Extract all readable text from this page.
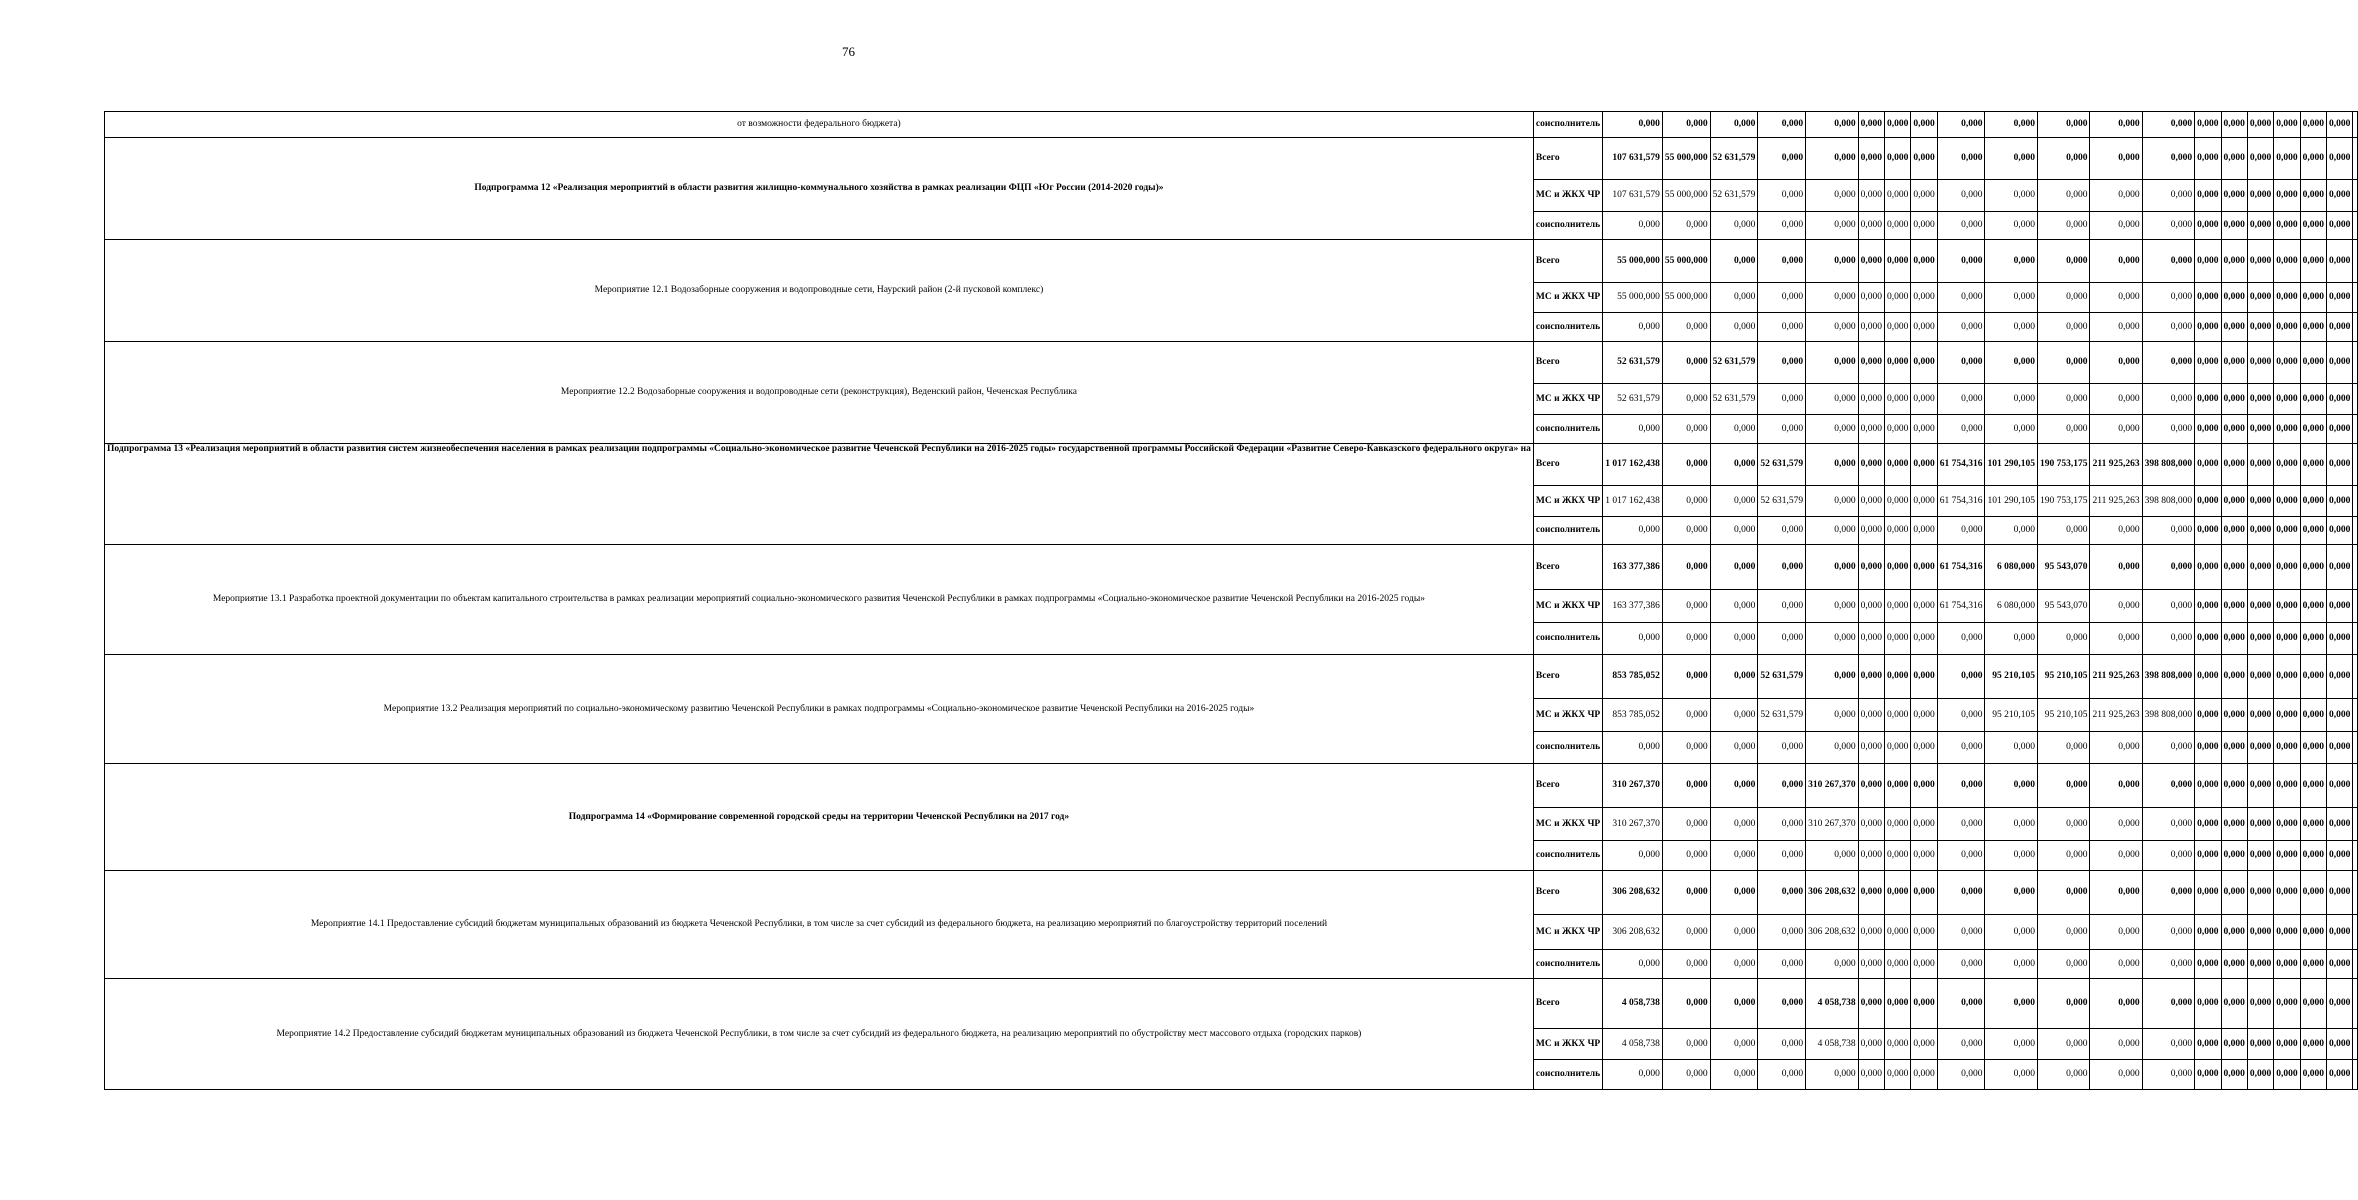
76
от возможности федерального бюджета)	соисполнитель	0,000	0,000	0,000	0,000	0,000	0,000	0,000	0,000	0,000	0,000	0,000	0,000	0,000	0,000	0,000	0,000	0,000	0,000	0,000	
Подпрограмма 12 «Реализация мероприятий в области развития жилищно-коммунального хозяйства в рамках реализации ФЦП «Юг России (2014-2020 годы)»	Всего	107 631,579	55 000,000	52 631,579	0,000	0,000	0,000	0,000	0,000	0,000	0,000	0,000	0,000	0,000	0,000	0,000	0,000	0,000	0,000	0,000	
	МС и ЖКХ ЧР	107 631,579	55 000,000	52 631,579	0,000	0,000	0,000	0,000	0,000	0,000	0,000	0,000	0,000	0,000	0,000	0,000	0,000	0,000	0,000	0,000	
	соисполнитель	0,000	0,000	0,000	0,000	0,000	0,000	0,000	0,000	0,000	0,000	0,000	0,000	0,000	0,000	0,000	0,000	0,000	0,000	0,000	
Мероприятие 12.1 Водозаборные сооружения и водопроводные сети, Наурский район (2-й пусковой комплекс)	Всего	55 000,000	55 000,000	0,000	0,000	0,000	0,000	0,000	0,000	0,000	0,000	0,000	0,000	0,000	0,000	0,000	0,000	0,000	0,000	0,000	
	МС и ЖКХ ЧР	55 000,000	55 000,000	0,000	0,000	0,000	0,000	0,000	0,000	0,000	0,000	0,000	0,000	0,000	0,000	0,000	0,000	0,000	0,000	0,000	
	соисполнитель	0,000	0,000	0,000	0,000	0,000	0,000	0,000	0,000	0,000	0,000	0,000	0,000	0,000	0,000	0,000	0,000	0,000	0,000	0,000	
Мероприятие 12.2 Водозаборные сооружения и водопроводные сети (реконструкция), Веденский район, Чеченская Республика	Всего	52 631,579	0,000	52 631,579	0,000	0,000	0,000	0,000	0,000	0,000	0,000	0,000	0,000	0,000	0,000	0,000	0,000	0,000	0,000	0,000	
	МС и ЖКХ ЧР	52 631,579	0,000	52 631,579	0,000	0,000	0,000	0,000	0,000	0,000	0,000	0,000	0,000	0,000	0,000	0,000	0,000	0,000	0,000	0,000	
	соисполнитель	0,000	0,000	0,000	0,000	0,000	0,000	0,000	0,000	0,000	0,000	0,000	0,000	0,000	0,000	0,000	0,000	0,000	0,000	0,000	

Подпрограмма 13 «Реализация мероприятий в области развития систем жизнеобеспечения населения в рамках реализации подпрограммы «Социально-экономическое развитие Чеченской Республики на 2016-2025 годы» государственной программы Российской Федерации «Развитие Северо-Кавказского федерального округа» на	Всего	1 017 162,438	0,000	0,000	52 631,579	0,000	0,000	0,000	0,000	61 754,316	101 290,105	190 753,175	211 925,263	398 808,000	0,000	0,000	0,000	0,000	0,000	0,000	
	МС и ЖКХ ЧР	1 017 162,438	0,000	0,000	52 631,579	0,000	0,000	0,000	0,000	61 754,316	101 290,105	190 753,175	211 925,263	398 808,000	0,000	0,000	0,000	0,000	0,000	0,000	
	соисполнитель	0,000	0,000	0,000	0,000	0,000	0,000	0,000	0,000	0,000	0,000	0,000	0,000	0,000	0,000	0,000	0,000	0,000	0,000	0,000	
Мероприятие 13.1 Разработка проектной документации по объектам капитального строительства в рамках реализации мероприятий социально-экономического развития Чеченской Республики в рамках подпрограммы «Социально-экономическое развитие Чеченской Республики на 2016-2025 годы»	Всего	163 377,386	0,000	0,000	0,000	0,000	0,000	0,000	0,000	61 754,316	6 080,000	95 543,070	0,000	0,000	0,000	0,000	0,000	0,000	0,000	0,000	
	МС и ЖКХ ЧР	163 377,386	0,000	0,000	0,000	0,000	0,000	0,000	0,000	61 754,316	6 080,000	95 543,070	0,000	0,000	0,000	0,000	0,000	0,000	0,000	0,000	
	соисполнитель	0,000	0,000	0,000	0,000	0,000	0,000	0,000	0,000	0,000	0,000	0,000	0,000	0,000	0,000	0,000	0,000	0,000	0,000	0,000	
Мероприятие 13.2 Реализация мероприятий по социально-экономическому развитию Чеченской Республики в рамках подпрограммы «Социально-экономическое развитие Чеченской Республики на 2016-2025 годы»	Всего	853 785,052	0,000	0,000	52 631,579	0,000	0,000	0,000	0,000	0,000	95 210,105	95 210,105	211 925,263	398 808,000	0,000	0,000	0,000	0,000	0,000	0,000	
	МС и ЖКХ ЧР	853 785,052	0,000	0,000	52 631,579	0,000	0,000	0,000	0,000	0,000	95 210,105	95 210,105	211 925,263	398 808,000	0,000	0,000	0,000	0,000	0,000	0,000	
	соисполнитель	0,000	0,000	0,000	0,000	0,000	0,000	0,000	0,000	0,000	0,000	0,000	0,000	0,000	0,000	0,000	0,000	0,000	0,000	0,000	
Подпрограмма 14 «Формирование современной городской среды на территории Чеченской Республики на 2017 год»	Всего	310 267,370	0,000	0,000	0,000	310 267,370	0,000	0,000	0,000	0,000	0,000	0,000	0,000	0,000	0,000	0,000	0,000	0,000	0,000	0,000	
	МС и ЖКХ ЧР	310 267,370	0,000	0,000	0,000	310 267,370	0,000	0,000	0,000	0,000	0,000	0,000	0,000	0,000	0,000	0,000	0,000	0,000	0,000	0,000	
	соисполнитель	0,000	0,000	0,000	0,000	0,000	0,000	0,000	0,000	0,000	0,000	0,000	0,000	0,000	0,000	0,000	0,000	0,000	0,000	0,000	
Мероприятие 14.1 Предоставление субсидий бюджетам муниципальных образований из бюджета Чеченской Республики, в том числе за счет субсидий из федерального бюджета, на реализацию мероприятий по благоустройству территорий поселений	Всего	306 208,632	0,000	0,000	0,000	306 208,632	0,000	0,000	0,000	0,000	0,000	0,000	0,000	0,000	0,000	0,000	0,000	0,000	0,000	0,000	
	МС и ЖКХ ЧР	306 208,632	0,000	0,000	0,000	306 208,632	0,000	0,000	0,000	0,000	0,000	0,000	0,000	0,000	0,000	0,000	0,000	0,000	0,000	0,000	
	соисполнитель	0,000	0,000	0,000	0,000	0,000	0,000	0,000	0,000	0,000	0,000	0,000	0,000	0,000	0,000	0,000	0,000	0,000	0,000	0,000	
Мероприятие 14.2 Предоставление субсидий бюджетам муниципальных образований из бюджета Чеченской Республики, в том числе за счет субсидий из федерального бюджета, на реализацию мероприятий по обустройству мест массового отдыха (городских парков)	Всего	4 058,738	0,000	0,000	0,000	4 058,738	0,000	0,000	0,000	0,000	0,000	0,000	0,000	0,000	0,000	0,000	0,000	0,000	0,000	0,000	
	МС и ЖКХ ЧР	4 058,738	0,000	0,000	0,000	4 058,738	0,000	0,000	0,000	0,000	0,000	0,000	0,000	0,000	0,000	0,000	0,000	0,000	0,000	0,000	
	соисполнитель	0,000	0,000	0,000	0,000	0,000	0,000	0,000	0,000	0,000	0,000	0,000	0,000	0,000	0,000	0,000	0,000	0,000	0,000	0,000	
